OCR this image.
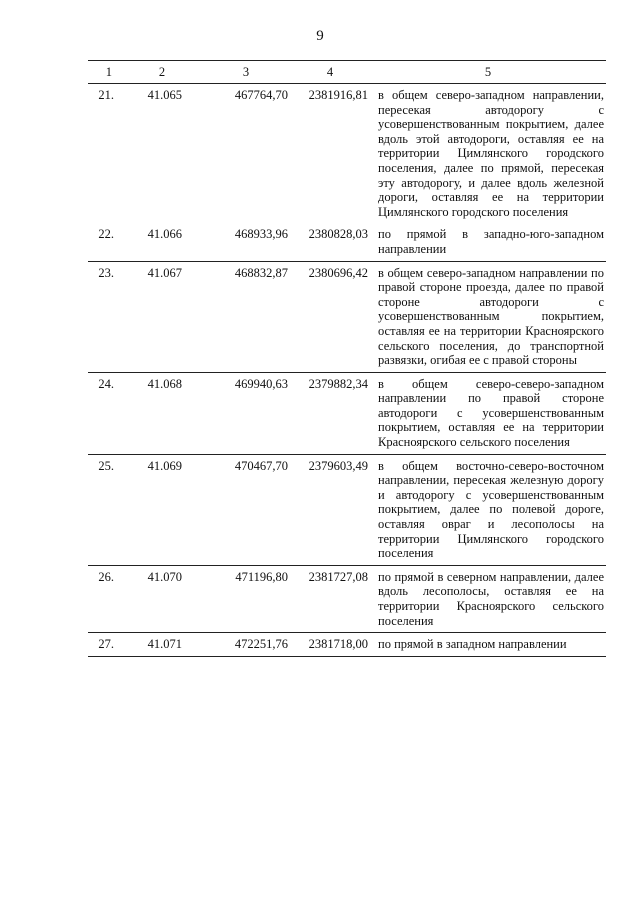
9
1	2	3	4	5
21.	41.065	467764,70	2381916,81	в общем северо-западном направлении, пересекая автодорогу с усовершенствованным покрытием, далее вдоль этой автодороги, оставляя ее на территории Цимлянского городского поселения, далее по прямой, пересекая эту автодорогу, и далее вдоль железной дороги, оставляя ее на территории Цимлянского городского поселения
22.	41.066	468933,96	2380828,03	по прямой в западно-юго-западном направлении
23.	41.067	468832,87	2380696,42	в общем северо-западном направлении по правой стороне проезда, далее по правой стороне автодороги с усовершенствованным покрытием, оставляя ее на территории Красноярского сельского поселения, до транспортной развязки, огибая ее с правой стороны
24.	41.068	469940,63	2379882,34	в общем северо-северо-западном направлении по правой стороне автодороги с усовершенствованным покрытием, оставляя ее на территории Красноярского сельского поселения
25.	41.069	470467,70	2379603,49	в общем восточно-северо-восточном направлении, пересекая железную дорогу и автодорогу с усовершенствованным покрытием, далее по полевой дороге, оставляя овраг и лесополосы на территории Цимлянского городского поселения
26.	41.070	471196,80	2381727,08	по прямой в северном направлении, далее вдоль лесополосы, оставляя ее на территории Красноярского сельского поселения
27.	41.071	472251,76	2381718,00	по прямой в западном направлении
